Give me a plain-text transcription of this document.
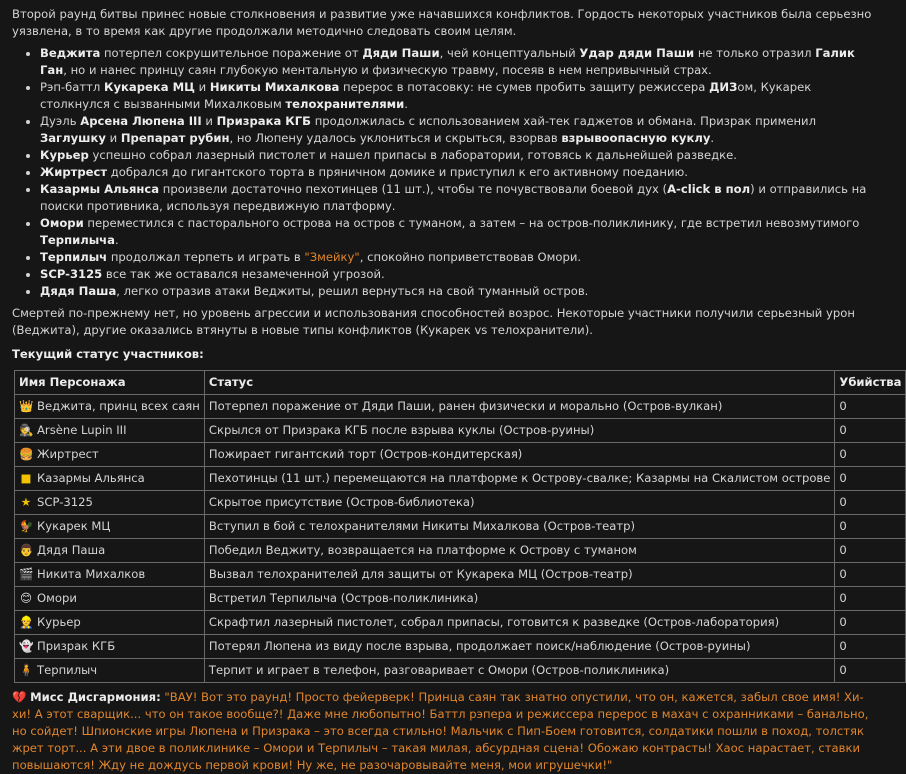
Второй раунд битвы принес новые столкновения и развитие уже начавшихся конфликтов. Гордость некоторых участников была серьезно уязвлена, в то время как другие продолжали методично следовать своим целям.

• Веджита потерпел сокрушительное поражение от Дяди Паши, чей концептуальный Удар дяди Паши не только отразил Галик Ган, но и нанес принцу саян глубокую ментальную и физическую травму, посеяв в нем непривычный страх.
• Рэп-баттл Кукарека МЦ и Никиты Михалкова перерос в потасовку: не сумев пробить защиту режиссера ДИЗом, Кукарек столкнулся с вызванными Михалковым телохранителями.
• Дуэль Арсена Люпена III и Призрака КГБ продолжилась с использованием хай-тек гаджетов и обмана. Призрак применил Заглушку и Препарат рубин, но Люпену удалось уклониться и скрыться, взорвав взрывоопасную куклу.
• Курьер успешно собрал лазерный пистолет и нашел припасы в лаборатории, готовясь к дальнейшей разведке.
• Жиртрест добрался до гигантского торта в пряничном домике и приступил к его активному поеданию.
• Казармы Альянса произвели достаточно пехотинцев (11 шт.), чтобы те почувствовали боевой дух (A-click в пол) и отправились на поиски противника, используя передвижную платформу.
• Омори переместился с пасторального острова на остров с туманом, а затем – на остров-поликлинику, где встретил невозмутимого Терпилыча.
• Терпилыч продолжал терпеть и играть в "Змейку", спокойно поприветствовав Омори.
• SCP-3125 все так же оставался незамеченной угрозой.
• Дядя Паша, легко отразив атаки Веджиты, решил вернуться на свой туманный остров.

Смертей по-прежнему нет, но уровень агрессии и использования способностей возрос. Некоторые участники получили серьезный урон (Веджита), другие оказались втянуты в новые типы конфликтов (Кукарек vs телохранители).

Текущий статус участников:
Имя Персонажа	Статус	Убийства
👑 Веджита, принц всех саян	Потерпел поражение от Дяди Паши, ранен физически и морально (Остров-вулкан)	0
🕵 Arsène Lupin III	Скрылся от Призрака КГБ после взрыва куклы (Остров-руины)	0
🍔 Жиртрест	Пожирает гигантский торт (Остров-кондитерская)	0
■ Казармы Альянса	Пехотинцы (11 шт.) перемещаются на платформе к Острову-свалке; Казармы на Скалистом острове	0
★ SCP-3125	Скрытое присутствие (Остров-библиотека)	0
🐓 Кукарек МЦ	Вступил в бой с телохранителями Никиты Михалкова (Остров-театр)	0
👨 Дядя Паша	Победил Веджиту, возвращается на платформе к Острову с туманом	0
🎬 Никита Михалков	Вызвал телохранителей для защиты от Кукарека МЦ (Остров-театр)	0
😊 Омори	Встретил Терпилыча (Остров-поликлиника)	0
👷 Курьер	Скрафтил лазерный пистолет, собрал припасы, готовится к разведке (Остров-лаборатория)	0
👻 Призрак КГБ	Потерял Люпена из виду после взрыва, продолжает поиск/наблюдение (Остров-руины)	0
🧍 Терпилыч	Терпит и играет в телефон, разговаривает с Омори (Остров-поликлиника)	0

💔 Мисс Дисгармония: "ВАУ! Вот это раунд! Просто фейерверк! Принца саян так знатно опустили, что он, кажется, забыл свое имя! Хи-хи! А этот сварщик... что он такое вообще?! Даже мне любопытно! Баттл рэпера и режиссера перерос в махач с охранниками – банально, но сойдет! Шпионские игры Люпена и Призрака – это всегда стильно! Мальчик с Пип-Боем готовится, солдатики пошли в поход, толстяк жрет торт... А эти двое в поликлинике – Омори и Терпилыч – такая милая, абсурдная сцена! Обожаю контрасты! Хаос нарастает, ставки повышаются! Жду не дождусь первой крови! Ну же, не разочаровывайте меня, мои игрушечки!"
